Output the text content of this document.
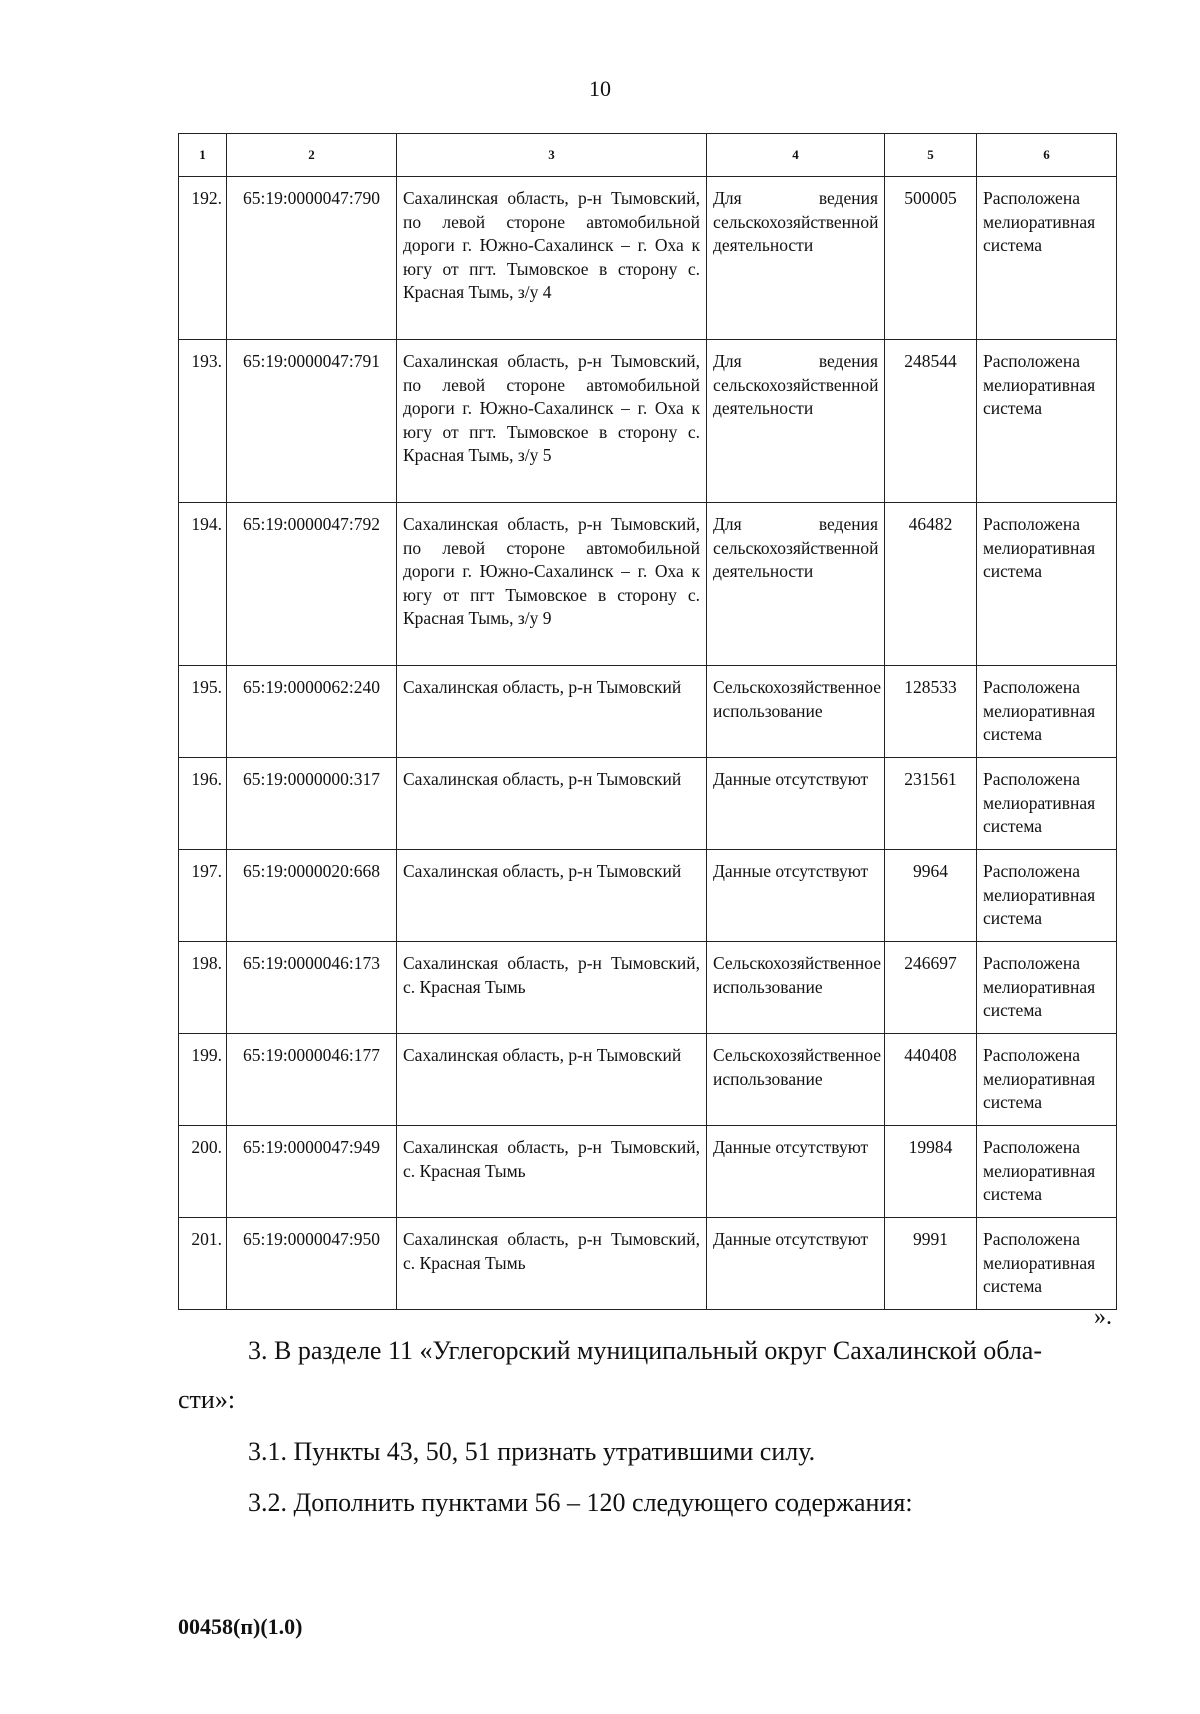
10
1	2	3	4	5	6
192.	65:19:0000047:790	Сахалинская область, р-н Тымовский, по левой стороне автомобильной дороги г. Южно-Сахалинск – г. Оха к югу от пгт. Тымовское в сторону с. Красная Тымь, з/у 4	Для ведения сельскохозяйственной деятельности	500005	Расположена мелиоративная система
193.	65:19:0000047:791	Сахалинская область, р-н Тымовский, по левой стороне автомобильной дороги г. Южно-Сахалинск – г. Оха к югу от пгт. Тымовское в сторону с. Красная Тымь, з/у 5	Для ведения сельскохозяйственной деятельности	248544	Расположена мелиоративная система
194.	65:19:0000047:792	Сахалинская область, р-н Тымовский, по левой стороне автомобильной дороги г. Южно-Сахалинск – г. Оха к югу от пгт Тымовское в сторону с. Красная Тымь, з/у 9	Для ведения сельскохозяйственной деятельности	46482	Расположена мелиоративная система
195.	65:19:0000062:240	Сахалинская область, р-н Тымовский	Сельскохозяйственное использование	128533	Расположена мелиоративная система
196.	65:19:0000000:317	Сахалинская область, р-н Тымовский	Данные отсутствуют	231561	Расположена мелиоративная система
197.	65:19:0000020:668	Сахалинская область, р-н Тымовский	Данные отсутствуют	9964	Расположена мелиоративная система
198.	65:19:0000046:173	Сахалинская область, р-н Тымовский, с. Красная Тымь	Сельскохозяйственное использование	246697	Расположена мелиоративная система
199.	65:19:0000046:177	Сахалинская область, р-н Тымовский	Сельскохозяйственное использование	440408	Расположена мелиоративная система
200.	65:19:0000047:949	Сахалинская область, р-н Тымовский, с. Красная Тымь	Данные отсутствуют	19984	Расположена мелиоративная система
201.	65:19:0000047:950	Сахалинская область, р-н Тымовский, с. Красная Тымь	Данные отсутствуют	9991	Расположена мелиоративная система
».
3. В разделе 11 «Углегорский муниципальный округ Сахалинской обла-
сти»:
3.1. Пункты 43, 50, 51 признать утратившими силу.
3.2. Дополнить пунктами 56 – 120 следующего содержания:
00458(п)(1.0)
